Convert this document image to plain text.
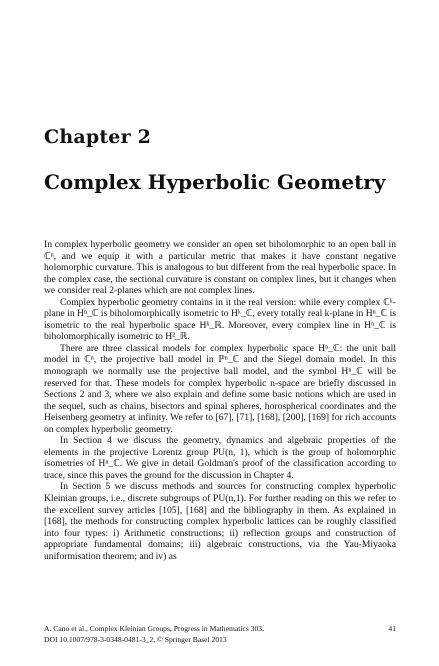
Chapter 2
Complex Hyperbolic Geometry

In complex hyperbolic geometry we consider an open set biholomorphic to an open ball in ℂⁿ, and we equip it with a particular metric that makes it have constant negative holomorphic curvature. This is analogous to but different from the real hyperbolic space. In the complex case, the sectional curvature is constant on complex lines, but it changes when we consider real 2-planes which are not complex lines.

Complex hyperbolic geometry contains in it the real version: while every complex ℂᵏ-plane in Hⁿ_ℂ is biholomorphically isometric to Hᵏ_ℂ, every totally real k-plane in Hⁿ_ℂ is isometric to the real hyperbolic space Hᵏ_ℝ. Moreover, every complex line in Hⁿ_ℂ is biholomorphically isometric to H²_ℝ.

There are three classical models for complex hyperbolic space Hⁿ_ℂ: the unit ball model in ℂⁿ, the projective ball model in ℙⁿ_ℂ and the Siegel domain model. In this monograph we normally use the projective ball model, and the symbol Hⁿ_ℂ will be reserved for that. These models for complex hyperbolic n-space are briefly discussed in Sections 2 and 3, where we also explain and define some basic notions which are used in the sequel, such as chains, bisectors and spinal spheres, horospherical coordinates and the Heisenberg geometry at infinity. We refer to [67], [71], [168], [200], [169] for rich accounts on complex hyperbolic geometry.

In Section 4 we discuss the geometry, dynamics and algebraic properties of the elements in the projective Lorentz group PU(n, 1), which is the group of holomorphic isometries of Hⁿ_ℂ. We give in detail Goldman's proof of the classification according to trace, since this paves the ground for the discussion in Chapter 4.

In Section 5 we discuss methods and sources for constructing complex hyperbolic Kleinian groups, i.e., discrete subgroups of PU(n,1). For further reading on this we refer to the excellent survey articles [105], [168] and the bibliography in them. As explained in [168], the methods for constructing complex hyperbolic lattices can be roughly classified into four types: i) Arithmetic constructions; ii) reflection groups and construction of appropriate fundamental domains; iii) algebraic constructions, via the Yau-Miyaoka uniformisation theorem; and iv) as

A. Cano et al., Complex Kleinian Groups, Progress in Mathematics 303,
DOI 10.1007/978-3-0348-0481-3_2, © Springer Basel 2013
41
